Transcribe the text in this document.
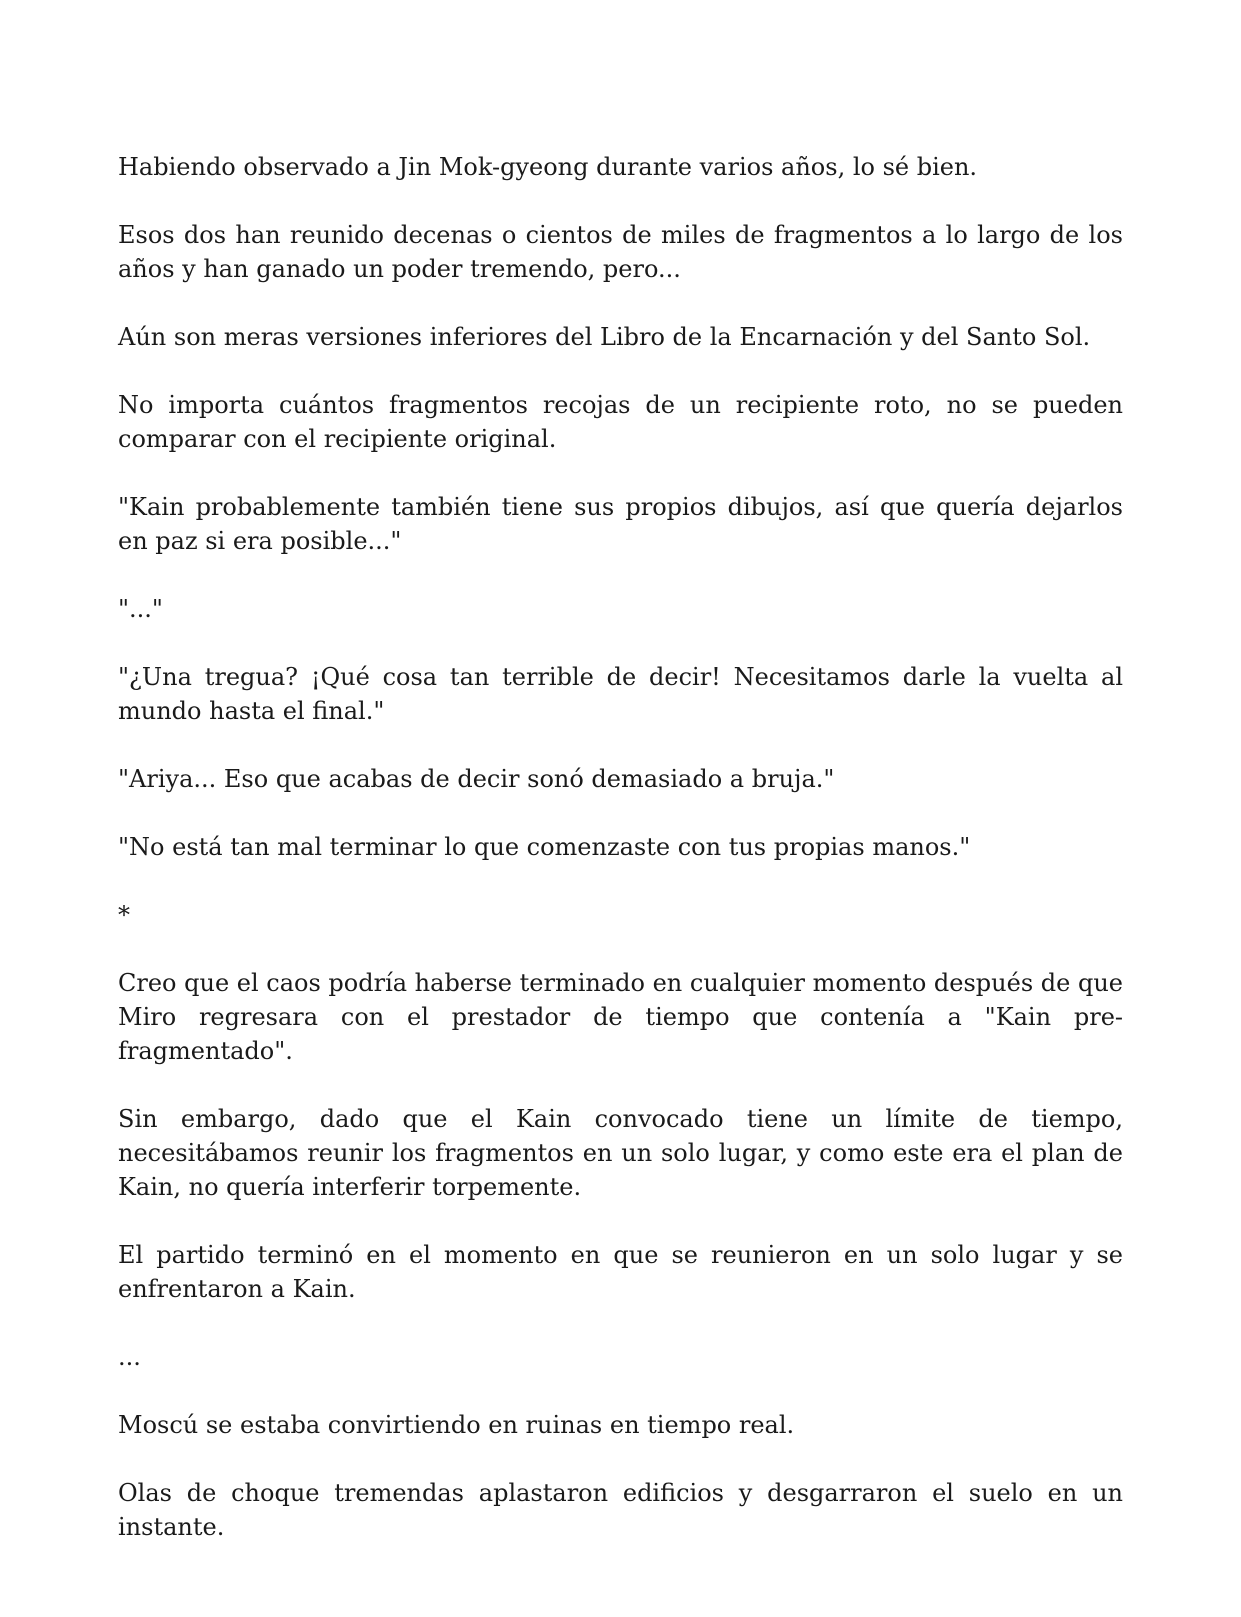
Habiendo observado a Jin Mok-gyeong durante varios años, lo sé bien.

Esos dos han reunido decenas o cientos de miles de fragmentos a lo largo de los años y han ganado un poder tremendo, pero...

Aún son meras versiones inferiores del Libro de la Encarnación y del Santo Sol.

No importa cuántos fragmentos recojas de un recipiente roto, no se pueden comparar con el recipiente original.

"Kain probablemente también tiene sus propios dibujos, así que quería dejarlos en paz si era posible..."

"..."

"¿Una tregua? ¡Qué cosa tan terrible de decir! Necesitamos darle la vuelta al mundo hasta el final."

"Ariya... Eso que acabas de decir sonó demasiado a bruja."

"No está tan mal terminar lo que comenzaste con tus propias manos."

*

Creo que el caos podría haberse terminado en cualquier momento después de que Miro regresara con el prestador de tiempo que contenía a "Kain pre-fragmentado".

Sin embargo, dado que el Kain convocado tiene un límite de tiempo, necesitábamos reunir los fragmentos en un solo lugar, y como este era el plan de Kain, no quería interferir torpemente.

El partido terminó en el momento en que se reunieron en un solo lugar y se enfrentaron a Kain.

...

Moscú se estaba convirtiendo en ruinas en tiempo real.

Olas de choque tremendas aplastaron edificios y desgarraron el suelo en un instante.
